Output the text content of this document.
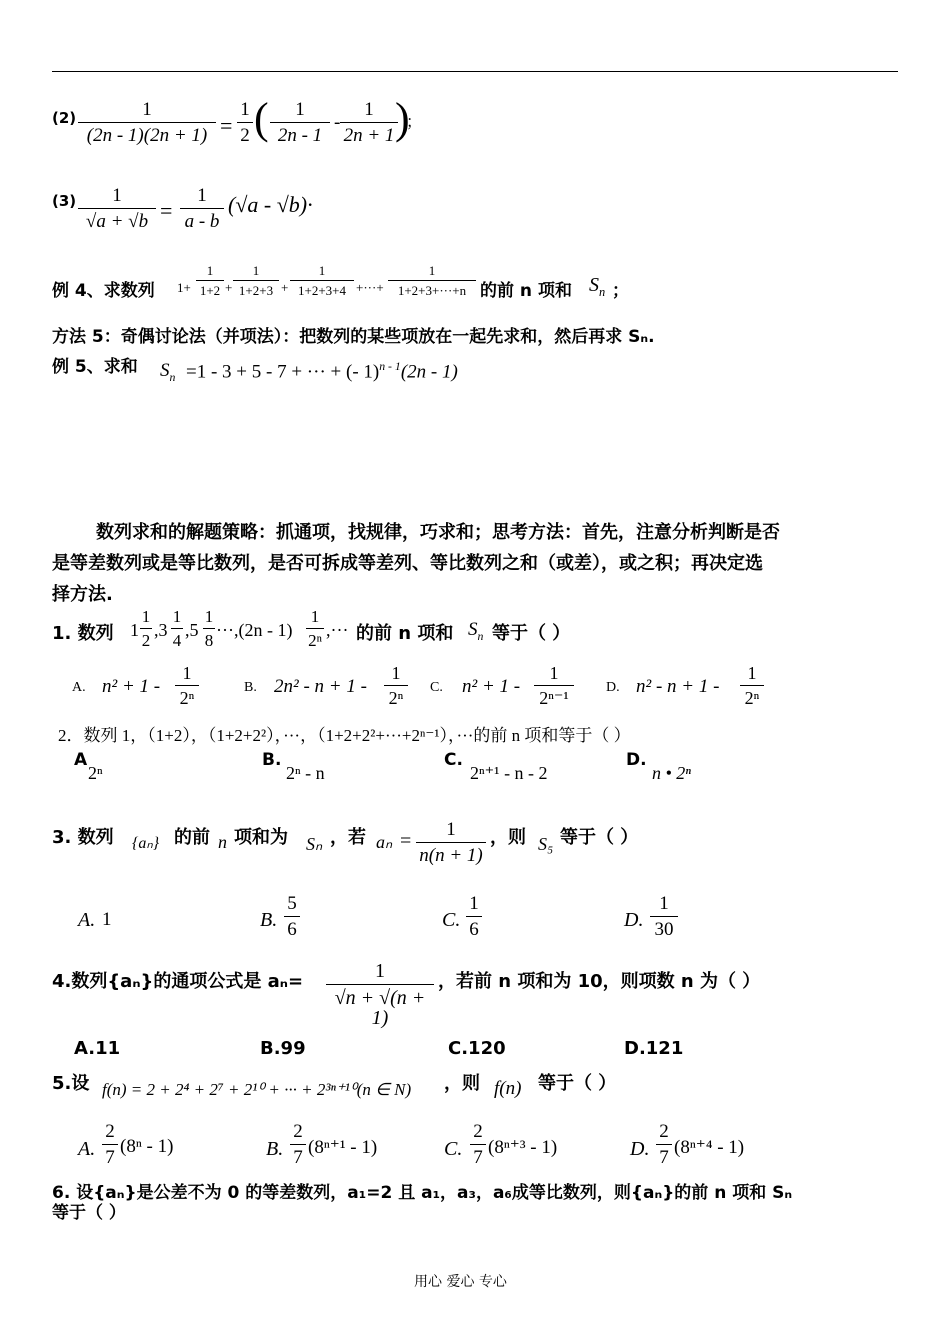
(2)	1
(2n - 1)(2n + 1) =
1
2 (	1
2n - 1
-
1
2n + 1 )
；
(3)	1
√a + √b =
1
a - b
(√a - √b)·
例 4、求数列 1+
1
1+2 +
1
1+2+3 +
1
1+2+3+4 +···+
1
1+2+3+···+n 的前 n 项和 $S_n$ ；
方法 5：奇偶讨论法（并项法）：把数列的某些项放在一起先求和，然后再求 Sₙ.
例 5、求和 $S_n =1 - 3 + 5 - 7$ + ··· + (- 1)$^{n - 1}$(2n - 1)
数列求和的解题策略：抓通项，找规律，巧求和；思考方法：首先，注意分析判断是否
是等差数列或是等比数列，是否可拆成等差列、等比数列之和（或差），或之积；再决定选
择方法.
1. 数列 1
1
2
,3
1
4
,5
1
8
···,(2n - 1)
1
2ⁿ
,··· 的前 n 项和 $S_n$ 等于（ ）
A. n² + 1 -
1
2ⁿ
B. 2n² - n + 1 -
1
2ⁿ
C. n² + 1 -
1
2ⁿ⁻¹
D. n² - n + 1 -
1
2ⁿ
2．数列 1，（1+2），（1+2+2²），···，（1+2+2²+···+2ⁿ⁻¹），···的前 n 项和等于（ ）
A
2ⁿ
B.
2ⁿ - n
C.
2ⁿ⁺¹ - n - 2
D.
n • 2ⁿ
3. 数列 {aₙ} 的前 n 项和为 Sₙ ，若 aₙ =
1
n(n + 1)
，则 S₅ 等于（ ）
A. 1	B.
5
6	C.
1
6	D.
1
30
4.数列{aₙ}的通项公式是 aₙ=	1
√n + √(n + 1)
，若前 n 项和为 10，则项数 n 为（ ）
A.11	B.99	C.120	D.121
5.设 f(n) = 2 + 2⁴ + 2⁷ + 2¹⁰ + ··· + 2³ⁿ⁺¹⁰(n ∈ N) ，则 f(n) 等于（ ）
A.
2
7
(8ⁿ - 1)	B.
2
7 (8ⁿ⁺¹ - 1)	C.
2
7 (8ⁿ⁺³ - 1)	D.
2
7 (8ⁿ⁺⁴ - 1)
6. 设{aₙ}是公差不为 0 的等差数列，a₁=2 且 a₁，a₃，a₆成等比数列，则{aₙ}的前 n 项和 Sₙ
等于（ ）
用心 爱心 专心
